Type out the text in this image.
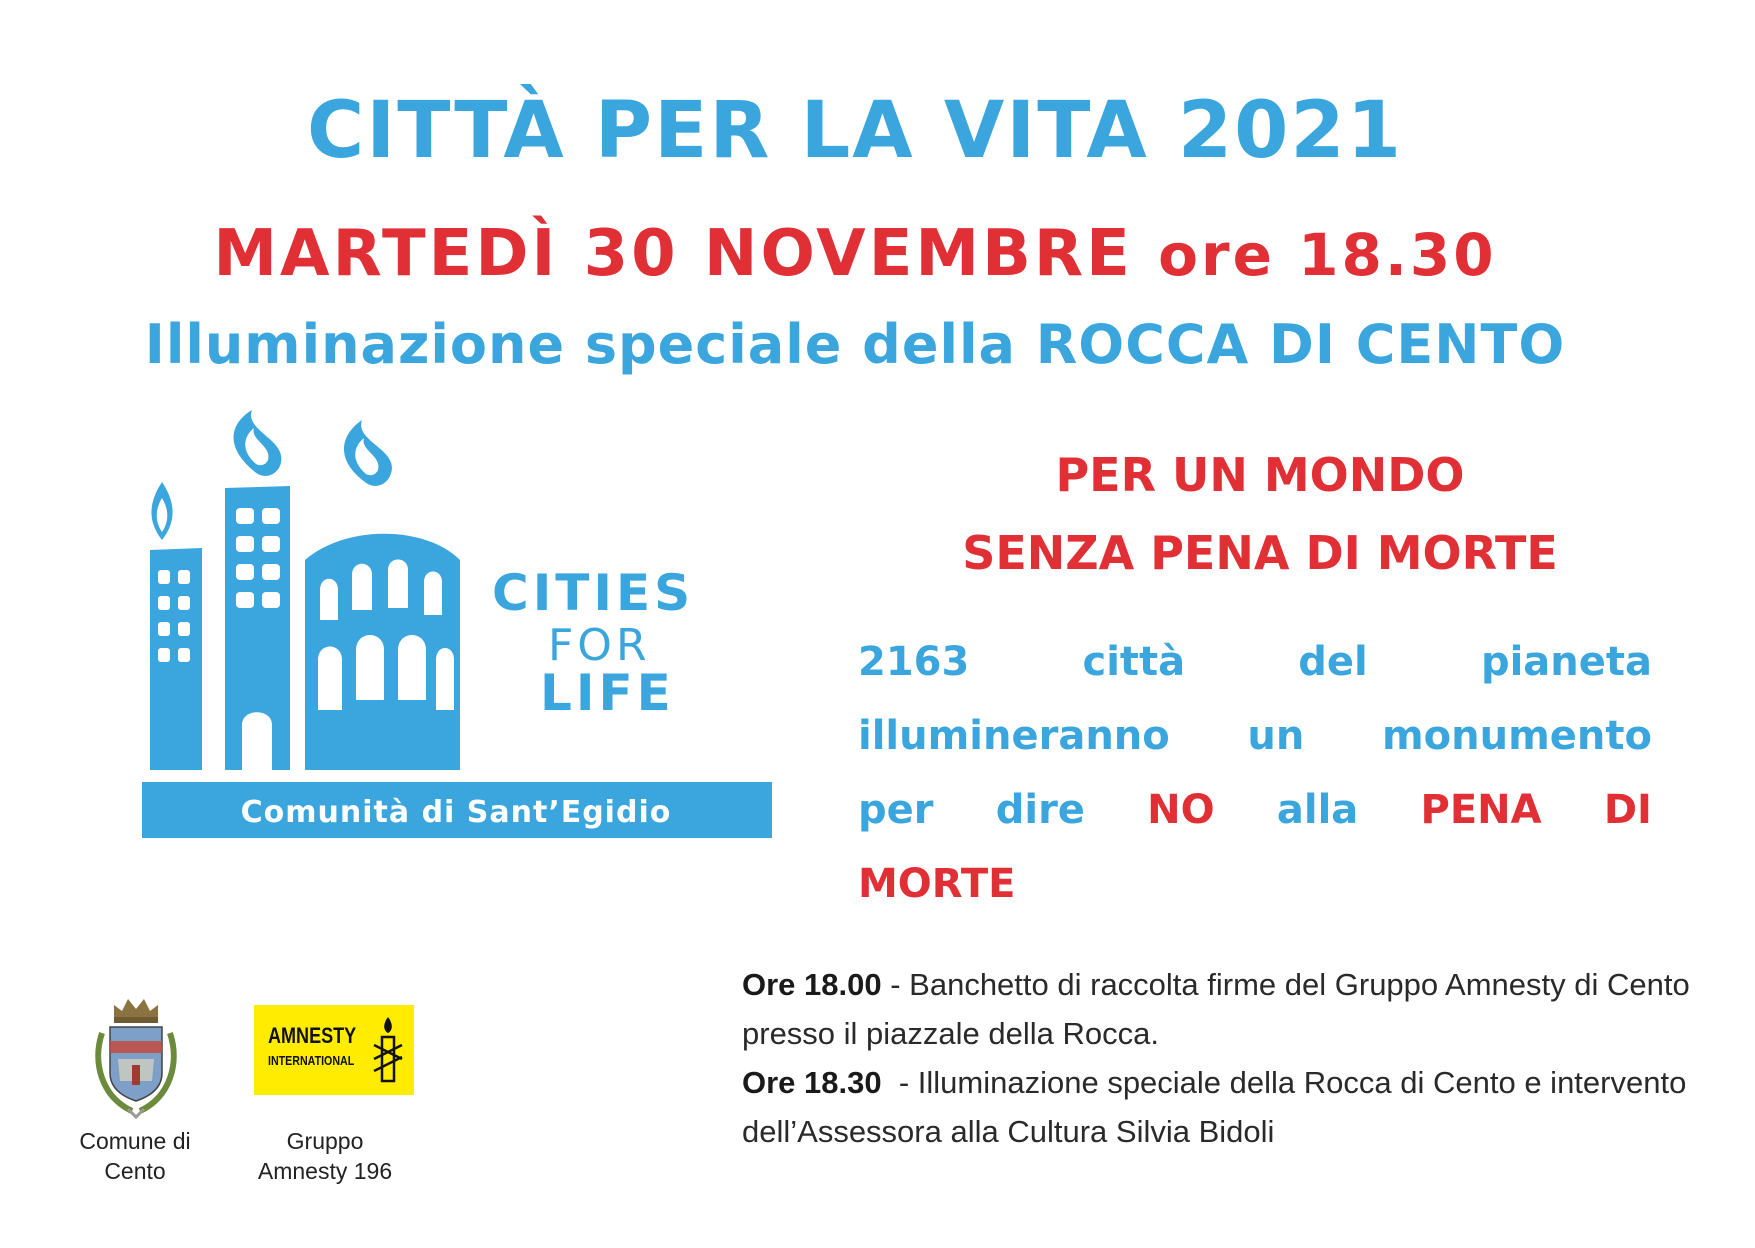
CITTÀ PER LA VITA 2021
MARTEDÌ 30 NOVEMBRE ore 18.30
Illuminazione speciale della ROCCA DI CENTO
CITIES
FOR
LIFE
Comunità di Sant’Egidio
PER UN MONDO
SENZA PENA DI MORTE
2163	città	del	pianeta
illumineranno un monumento
per dire NO alla PENA DI
MORTE
Ore 18.00 - Banchetto di raccolta firme del Gruppo Amnesty di Cento presso il piazzale della Rocca.
Ore 18.30  - Illuminazione speciale della Rocca di Cento e intervento dell’Assessora alla Cultura Silvia Bidoli
Comune di
Cento
AMNESTY
INTERNATIONAL
Gruppo
Amnesty 196
